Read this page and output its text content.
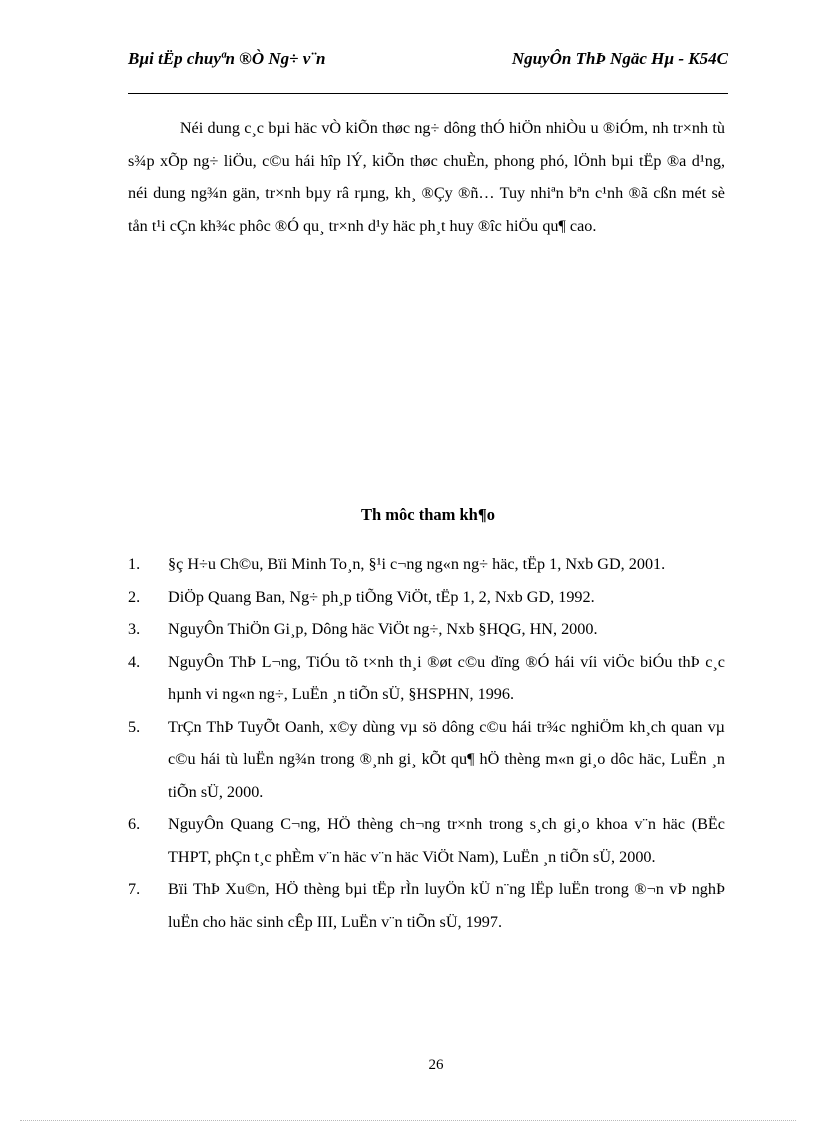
Bµi tËp chuyªn ®Ò Ng÷ v¨n	NguyÔn ThÞ Ngäc Hµ - K54C

Néi dung c¸c bµi häc vÒ kiÕn thøc ng÷ dông thÓ hiÖn nhiÒu u ®iÓm, nh tr×nh tù s¾p xÕp ng÷ liÖu, c©u hái hîp lÝ, kiÕn thøc chuÈn, phong phó, lÖnh bµi tËp ®a d¹ng, néi dung ng¾n gän, tr×nh bµy râ rµng, kh¸ ®Çy ®ñ… Tuy nhiªn bªn c¹nh ®ã cßn mét sè tån t¹i cÇn kh¾c phôc ®Ó qu¸ tr×nh d¹y häc ph¸t huy ®îc hiÖu qu¶ cao.

Th môc tham kh¶o
1.	§ç H÷u Ch©u, Bïi Minh To¸n, §¹i c¬ng ng«n ng÷ häc, tËp 1, Nxb GD, 2001.
2.	DiÖp Quang Ban, Ng÷ ph¸p tiÕng ViÖt, tËp 1, 2, Nxb GD, 1992.
3.	NguyÔn ThiÖn Gi¸p, Dông häc ViÖt ng÷, Nxb §HQG, HN, 2000.
4.	NguyÔn ThÞ L¬ng, TiÓu tõ t×nh th¸i ®øt c©u dïng ®Ó hái víi viÖc biÓu thÞ c¸c hµnh vi ng«n ng÷, LuËn ¸n tiÕn sÜ, §HSPHN, 1996.
5.	TrÇn ThÞ TuyÕt Oanh, x©y dùng vµ sö dông c©u hái tr¾c nghiÖm kh¸ch quan vµ c©u hái tù luËn ng¾n trong ®¸nh gi¸ kÕt qu¶ hÖ thèng m«n gi¸o dôc häc, LuËn ¸n tiÕn sÜ, 2000.
6.	NguyÔn Quang C¬ng, HÖ thèng ch¬ng tr×nh trong s¸ch gi¸o khoa v¨n häc (BËc THPT, phÇn t¸c phÈm v¨n häc v¨n häc ViÖt Nam), LuËn ¸n tiÕn sÜ, 2000.
7.	Bïi ThÞ Xu©n, HÖ thèng bµi tËp rÌn luyÖn kÜ n¨ng lËp luËn trong ®¬n vÞ nghÞ luËn cho häc sinh cÊp III, LuËn v¨n tiÕn sÜ, 1997.
26
